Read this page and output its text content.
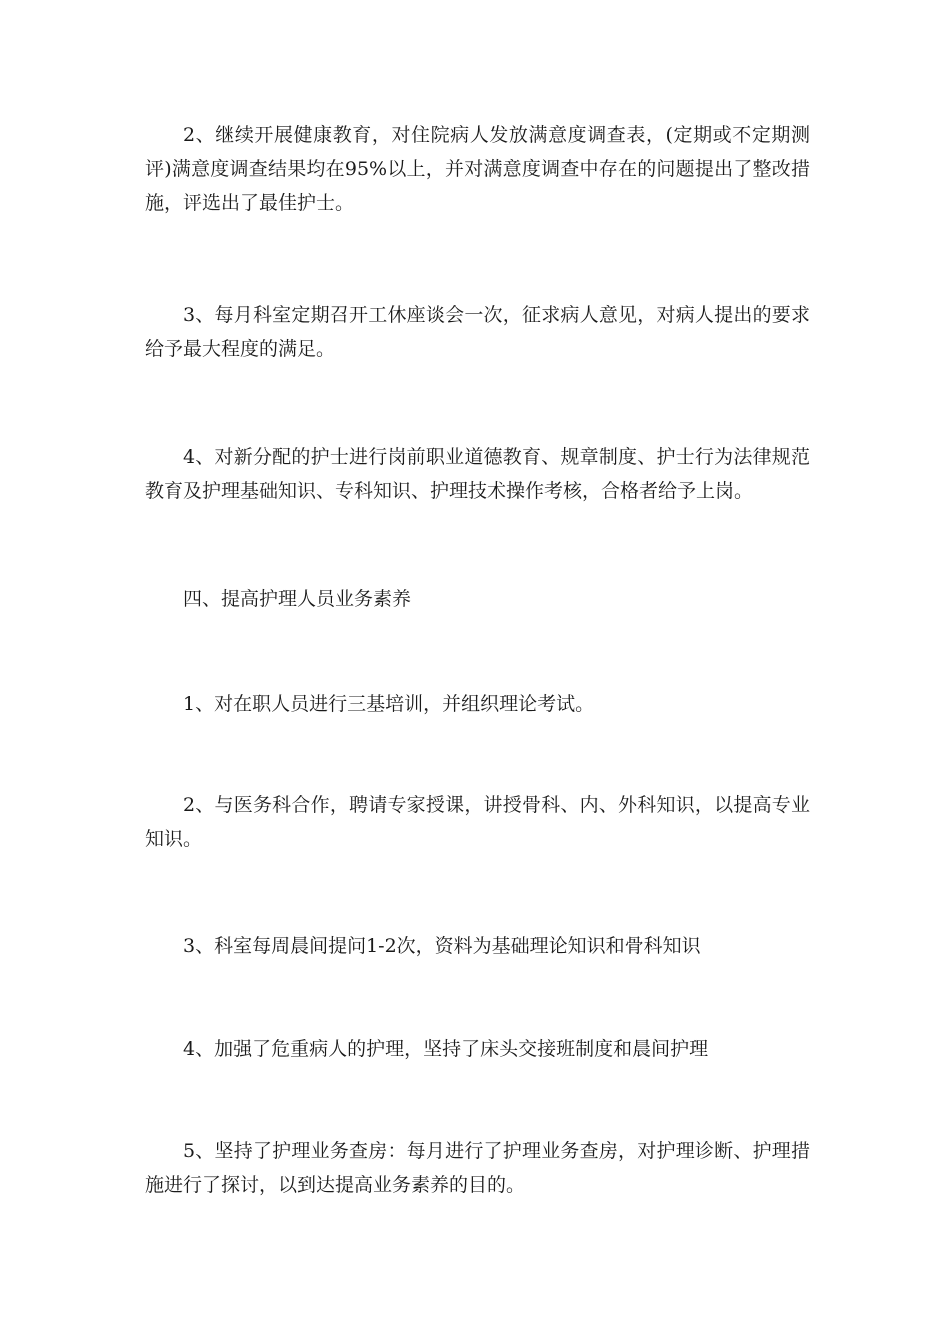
2、继续开展健康教育，对住院病人发放满意度调查表，(定期或不定期测评)满意度调查结果均在95%以上，并对满意度调查中存在的问题提出了整改措施，评选出了最佳护士。

3、每月科室定期召开工休座谈会一次，征求病人意见，对病人提出的要求给予最大程度的满足。

4、对新分配的护士进行岗前职业道德教育、规章制度、护士行为法律规范教育及护理基础知识、专科知识、护理技术操作考核，合格者给予上岗。

四、提高护理人员业务素养

1、对在职人员进行三基培训，并组织理论考试。

2、与医务科合作，聘请专家授课，讲授骨科、内、外科知识，以提高专业知识。

3、科室每周晨间提问1-2次，资料为基础理论知识和骨科知识

4、加强了危重病人的护理，坚持了床头交接班制度和晨间护理

5、坚持了护理业务查房：每月进行了护理业务查房，对护理诊断、护理措施进行了探讨，以到达提高业务素养的目的。
